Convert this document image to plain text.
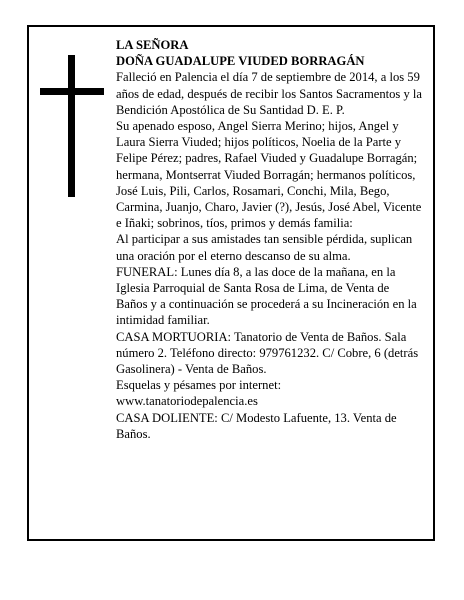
LA SEÑORA

DOÑA GUADALUPE VIUDED BORRAGÁN

Falleció en Palencia el día 7 de septiembre de 2014, a los 59 años de edad, después de recibir los Santos Sacramentos y la Bendición Apostólica de Su Santidad D. E. P.

Su apenado esposo, Angel Sierra Merino; hijos, Angel y Laura Sierra Viuded; hijos políticos, Noelia de la Parte y Felipe Pérez; padres, Rafael Viuded y Guadalupe Borragán; hermana, Montserrat Viuded Borragán; hermanos políticos, José Luis, Pili, Carlos, Rosamari, Conchi, Mila, Bego, Carmina, Juanjo, Charo, Javier (?), Jesús, José Abel, Vicente e Iñaki; sobrinos, tíos, primos y demás familia:

Al participar a sus amistades tan sensible pérdida, suplican una oración por el eterno descanso de su alma.

FUNERAL: Lunes día 8, a las doce de la mañana, en la Iglesia Parroquial de Santa Rosa de Lima, de Venta de Baños y a continuación se procederá a su Incineración en la intimidad familiar.

CASA MORTUORIA: Tanatorio de Venta de Baños. Sala número 2. Teléfono directo: 979761232. C/ Cobre, 6 (detrás Gasolinera) - Venta de Baños.

Esquelas y pésames por internet: www.tanatoriodepalencia.es

CASA DOLIENTE: C/ Modesto Lafuente, 13. Venta de Baños.
